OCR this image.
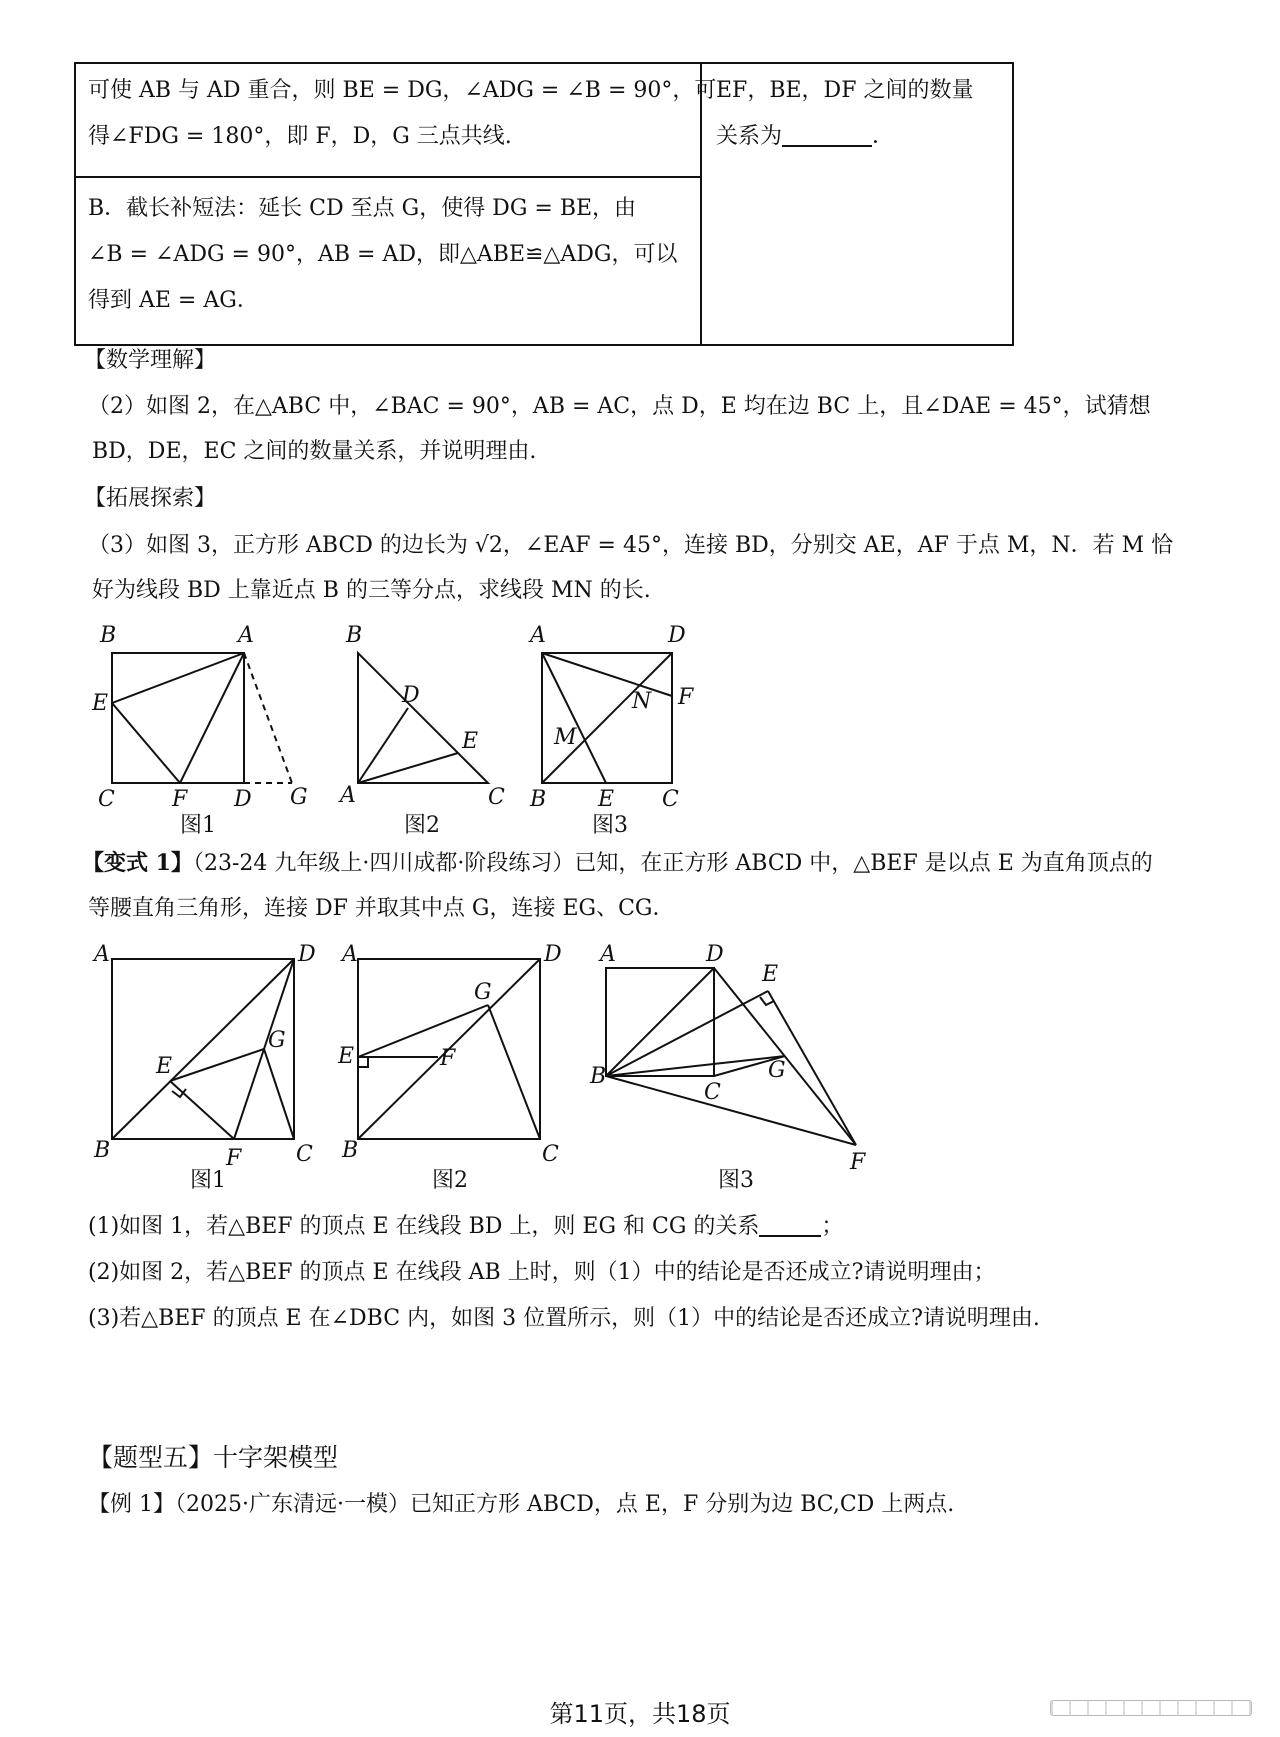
可使 AB 与 AD 重合，则 BE = DG，∠ADG = ∠B = 90°，可
得∠FDG = 180°，即 F，D，G 三点共线.
B．截长补短法：延长 CD 至点 G，使得 DG = BE，由
∠B = ∠ADG = 90°，AB = AD，即△ABE≌△ADG，可以
得到 AE = AG．
EF，BE，DF 之间的数量
关系为	．
【数学理解】
（2）如图 2，在△ABC 中，∠BAC = 90°，AB = AC，点 D，E 均在边 BC 上，且∠DAE = 45°，试猜想
BD，DE，EC 之间的数量关系，并说明理由.
【拓展探索】
（3）如图 3，正方形 ABCD 的边长为 √2，∠EAF = 45°，连接 BD，分别交 AE，AF 于点 M，N．若 M 恰
好为线段 BD 上靠近点 B 的三等分点，求线段 MN 的长.
B	A
E
C	F D G
图1
B
D
E
A	C
图2
A	D
N F
M
B E C
图3
【变式 1】（23-24 九年级上·四川成都·阶段练习）已知，在正方形 ABCD 中，△BEF 是以点 E 为直角顶点的
等腰直角三角形，连接 DF 并取其中点 G，连接 EG、CG．
A	D
E
G
B	F C
图1
A	D
G
E	F
B	C
图2
A	D
E
B	G
C
F
图3
(1)如图 1，若△BEF 的顶点 E 在线段 BD 上，则 EG 和 CG 的关系	；
(2)如图 2，若△BEF 的顶点 E 在线段 AB 上时，则（1）中的结论是否还成立?请说明理由；
(3)若△BEF 的顶点 E 在∠DBC 内，如图 3 位置所示，则（1）中的结论是否还成立?请说明理由.
【题型五】十字架模型
【例 1】（2025·广东清远·一模）已知正方形 ABCD，点 E，F 分别为边 BC,CD 上两点.
第11页，共18页
